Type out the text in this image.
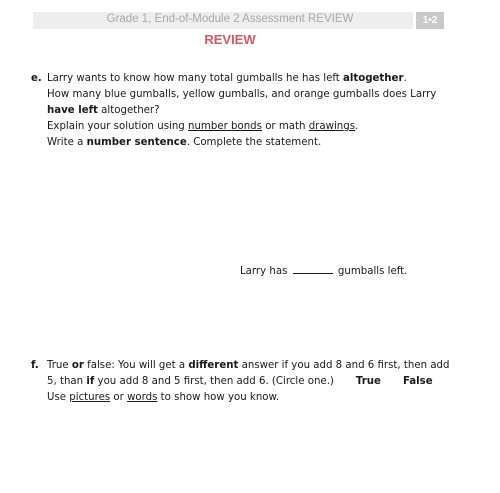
Grade 1, End-of-Module 2 Assessment REVIEW	1•2
REVIEW
e. Larry wants to know how many total gumballs he has left altogether.
How many blue gumballs, yellow gumballs, and orange gumballs does Larry
have left altogether?
Explain your solution using number bonds or math drawings.
Write a number sentence. Complete the statement.
Larry has	gumballs left.
f. True or false: You will get a different answer if you add 8 and 6 first, then add
5, than if you add 8 and 5 first, then add 6. (Circle one.) True False
Use pictures or words to show how you know.
